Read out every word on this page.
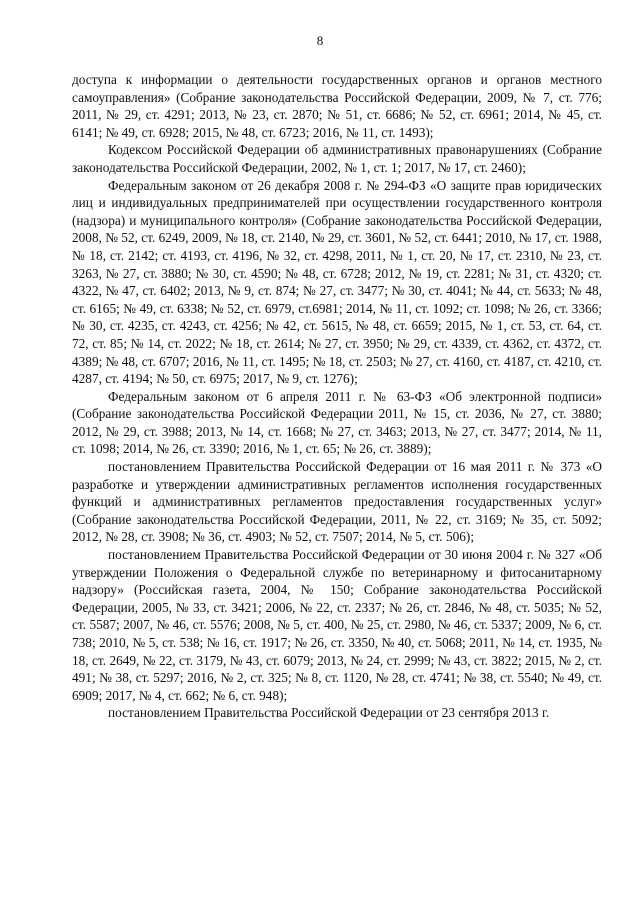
8

доступа к информации о деятельности государственных органов и органов местного самоуправления» (Собрание законодательства Российской Федерации, 2009, № 7, ст. 776; 2011, № 29, ст. 4291; 2013, № 23, ст. 2870; № 51, ст. 6686; № 52, ст. 6961; 2014, № 45, ст. 6141; № 49, ст. 6928; 2015, № 48, ст. 6723; 2016, № 11, ст. 1493);

Кодексом Российской Федерации об административных правонарушениях (Собрание законодательства Российской Федерации, 2002, № 1, ст. 1; 2017, № 17, ст. 2460);

Федеральным законом от 26 декабря 2008 г. № 294-ФЗ «О защите прав юридических лиц и индивидуальных предпринимателей при осуществлении государственного контроля (надзора) и муниципального контроля» (Собрание законодательства Российской Федерации, 2008, № 52, ст. 6249, 2009, № 18, ст. 2140, № 29, ст. 3601, № 52, ст. 6441; 2010, № 17, ст. 1988, № 18, ст. 2142; ст. 4193, ст. 4196, № 32, ст. 4298, 2011, № 1, ст. 20, № 17, ст. 2310, № 23, ст. 3263, № 27, ст. 3880; № 30, ст. 4590; № 48, ст. 6728; 2012, № 19, ст. 2281; № 31, ст. 4320; ст. 4322, № 47, ст. 6402; 2013, № 9, ст. 874; № 27, ст. 3477; № 30, ст. 4041; № 44, ст. 5633; № 48, ст. 6165; № 49, ст. 6338; № 52, ст. 6979, ст.6981; 2014, № 11, ст. 1092; ст. 1098; № 26, ст. 3366; № 30, ст. 4235, ст. 4243, ст. 4256; № 42, ст. 5615, № 48, ст. 6659; 2015, № 1, ст. 53, ст. 64, ст. 72, ст. 85; № 14, ст. 2022; № 18, ст. 2614; № 27, ст. 3950; № 29, ст. 4339, ст. 4362, ст. 4372, ст. 4389; № 48, ст. 6707; 2016, № 11, ст. 1495; № 18, ст. 2503; № 27, ст. 4160, ст. 4187, ст. 4210, ст. 4287, ст. 4194; № 50, ст. 6975; 2017, № 9, ст. 1276);

Федеральным законом от 6 апреля 2011 г. № 63-ФЗ «Об электронной подписи» (Собрание законодательства Российской Федерации 2011, № 15, ст. 2036, № 27, ст. 3880; 2012, № 29, ст. 3988; 2013, № 14, ст. 1668; № 27, ст. 3463; 2013, № 27, ст. 3477; 2014, № 11, ст. 1098; 2014, № 26, ст. 3390; 2016, № 1, ст. 65; № 26, ст. 3889);

постановлением Правительства Российской Федерации от 16 мая 2011 г. № 373 «О разработке и утверждении административных регламентов исполнения государственных функций и административных регламентов предоставления государственных услуг» (Собрание законодательства Российской Федерации, 2011, № 22, ст. 3169; № 35, ст. 5092; 2012, № 28, ст. 3908; № 36, ст. 4903; № 52, ст. 7507; 2014, № 5, ст. 506);

постановлением Правительства Российской Федерации от 30 июня 2004 г. № 327 «Об утверждении Положения о Федеральной службе по ветеринарному и фитосанитарному надзору» (Российская газета, 2004, № 150; Собрание законодательства Российской Федерации, 2005, № 33, ст. 3421; 2006, № 22, ст. 2337; № 26, ст. 2846, № 48, ст. 5035; № 52, ст. 5587; 2007, № 46, ст. 5576; 2008, № 5, ст. 400, № 25, ст. 2980, № 46, ст. 5337; 2009, № 6, ст. 738; 2010, № 5, ст. 538; № 16, ст. 1917; № 26, ст. 3350, № 40, ст. 5068; 2011, № 14, ст. 1935, № 18, ст. 2649, № 22, ст. 3179, № 43, ст. 6079; 2013, № 24, ст. 2999; № 43, ст. 3822; 2015, № 2, ст. 491; № 38, ст. 5297; 2016, № 2, ст. 325; № 8, ст. 1120, № 28, ст. 4741; № 38, ст. 5540; № 49, ст. 6909; 2017, № 4, ст. 662; № 6, ст. 948);

постановлением Правительства Российской Федерации от 23 сентября 2013 г.
